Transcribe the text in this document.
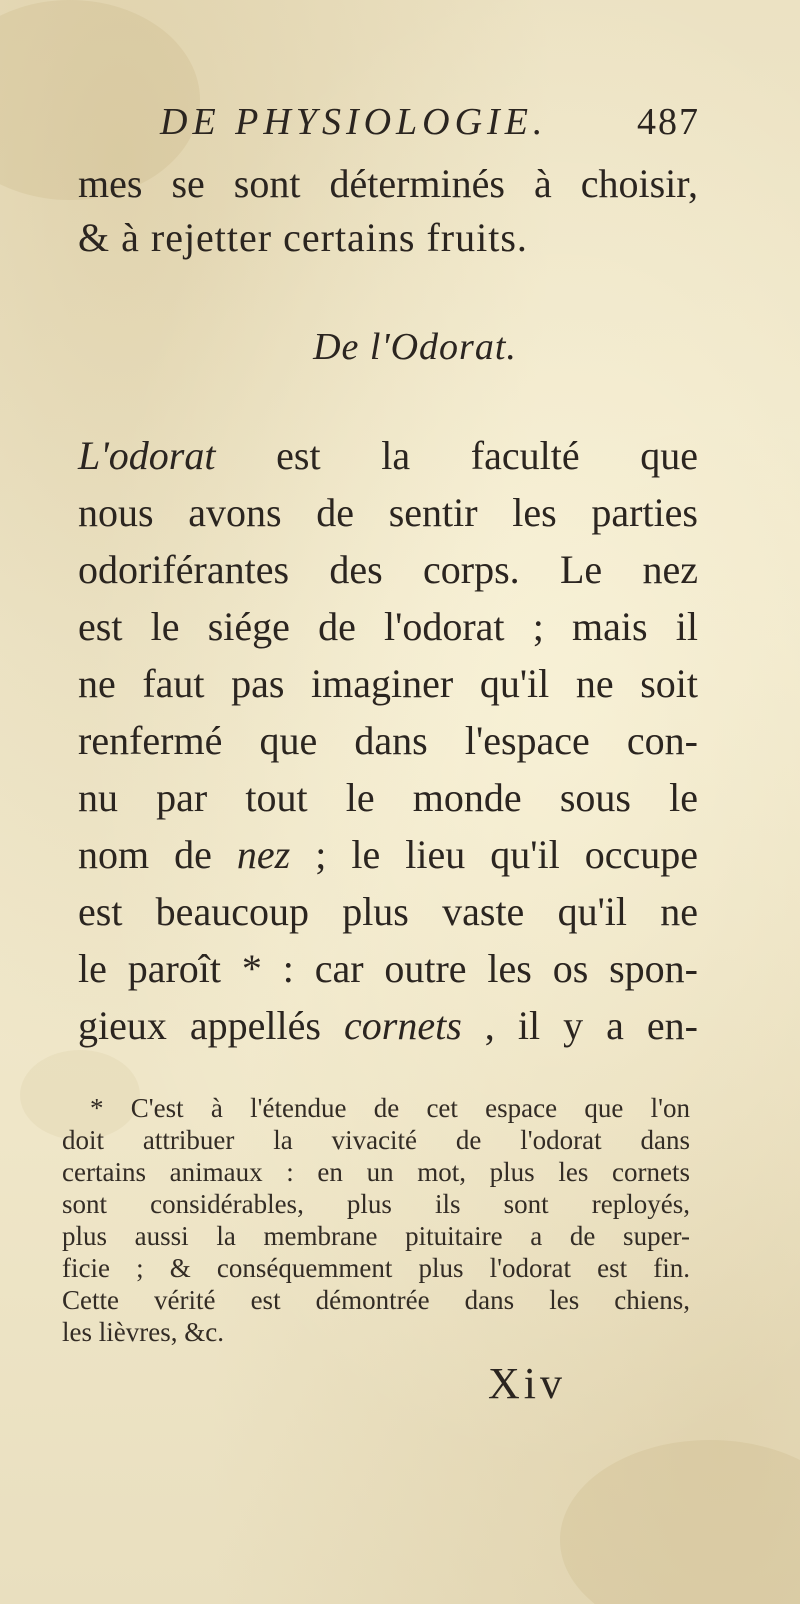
DE PHYSIOLOGIE. 487
mes se sont déterminés à choisir,
& à rejetter certains fruits.
De l'Odorat.
L'odorat est la faculté que
nous avons de sentir les parties
odoriférantes des corps. Le nez
est le siége de l'odorat ; mais il
ne faut pas imaginer qu'il ne soit
renfermé que dans l'espace con-
nu par tout le monde sous le
nom de nez ; le lieu qu'il occupe
est beaucoup plus vaste qu'il ne
le paroît * : car outre les os spon-
gieux appellés cornets , il y a en-
* C'est à l'étendue de cet espace que l'on
doit attribuer la vivacité de l'odorat dans
certains animaux : en un mot, plus les cornets
sont considérables, plus ils sont reployés,
plus aussi la membrane pituitaire a de super-
ficie ; & conséquemment plus l'odorat est fin.
Cette vérité est démontrée dans les chiens,
les lièvres, &c.
Xiv
